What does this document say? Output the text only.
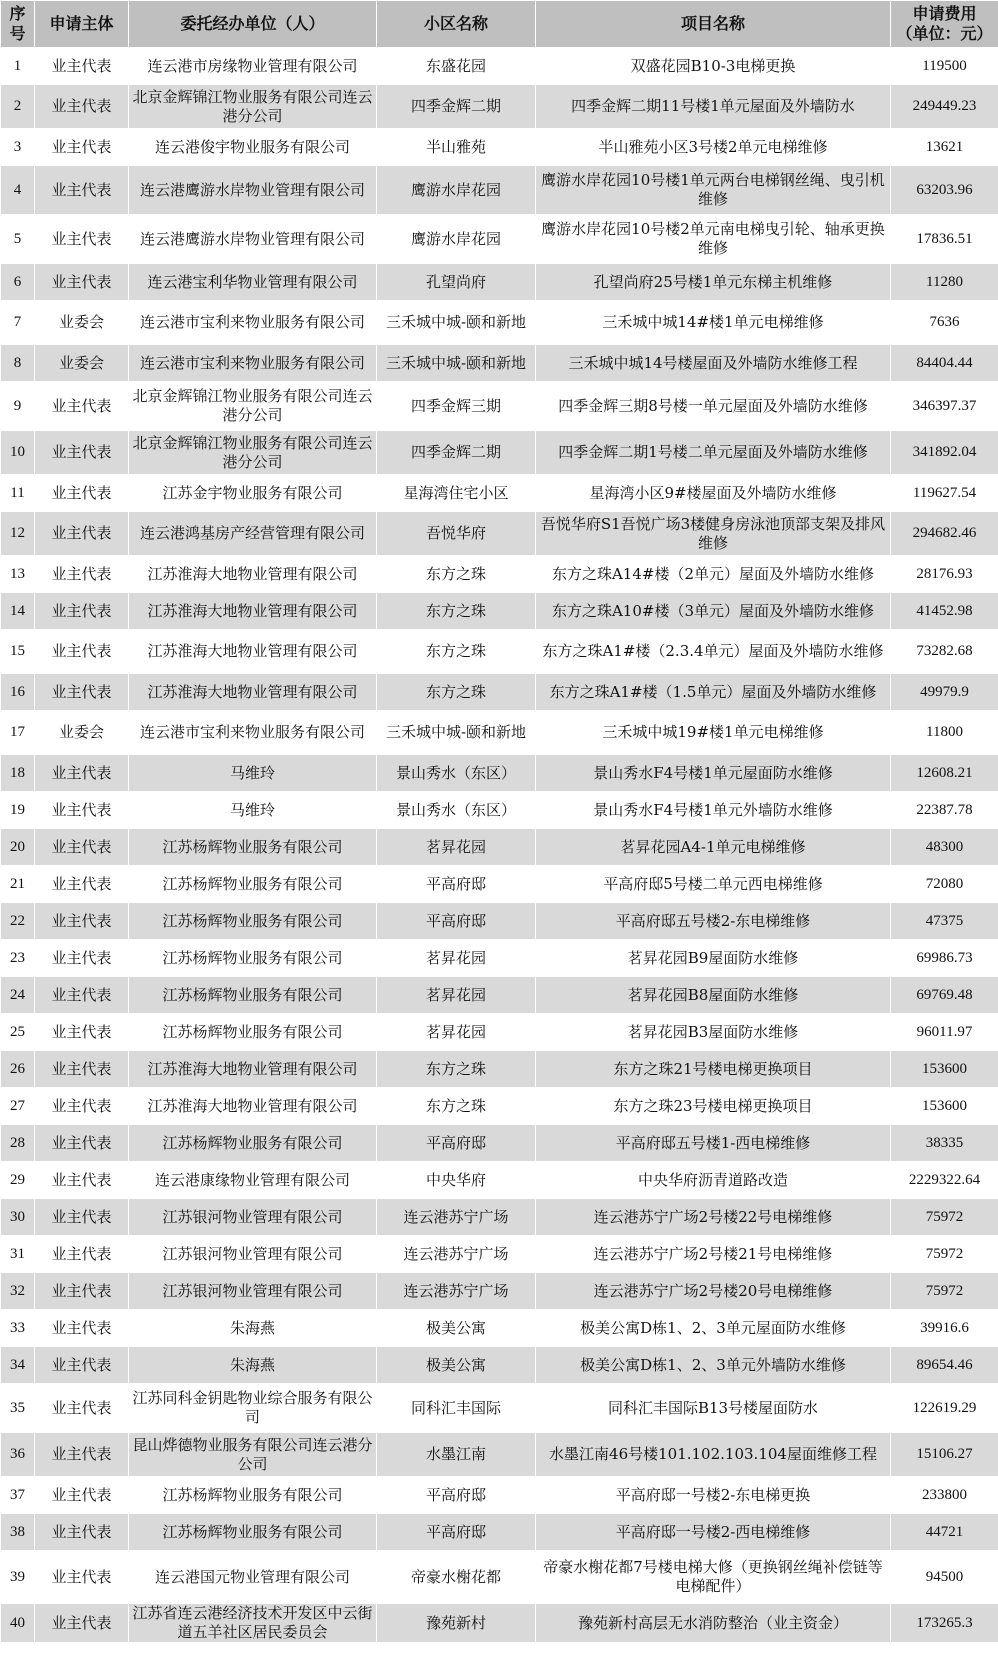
序号	申请主体	委托经办单位（人）	小区名称	项目名称	申请费用
（单位：元）
1	业主代表	连云港市房缘物业管理有限公司	东盛花园	双盛花园B10-3电梯更换	119500
2	业主代表	北京金辉锦江物业服务有限公司连云港分公司	四季金辉二期	四季金辉二期11号楼1单元屋面及外墙防水	249449.23
3	业主代表	连云港俊宇物业服务有限公司	半山雅苑	半山雅苑小区3号楼2单元电梯维修	13621
4	业主代表	连云港鹰游水岸物业管理有限公司	鹰游水岸花园	鹰游水岸花园10号楼1单元两台电梯钢丝绳、曳引机维修	63203.96
5	业主代表	连云港鹰游水岸物业管理有限公司	鹰游水岸花园	鹰游水岸花园10号楼2单元南电梯曳引轮、轴承更换维修	17836.51
6	业主代表	连云港宝利华物业管理有限公司	孔望尚府	孔望尚府25号楼1单元东梯主机维修	11280
7	业委会	连云港市宝利来物业服务有限公司	三禾城中城-颐和新地	三禾城中城14#楼1单元电梯维修	7636
8	业委会	连云港市宝利来物业服务有限公司	三禾城中城-颐和新地	三禾城中城14号楼屋面及外墙防水维修工程	84404.44
9	业主代表	北京金辉锦江物业服务有限公司连云港分公司	四季金辉三期	四季金辉三期8号楼一单元屋面及外墙防水维修	346397.37
10	业主代表	北京金辉锦江物业服务有限公司连云港分公司	四季金辉二期	四季金辉二期1号楼二单元屋面及外墙防水维修	341892.04
11	业主代表	江苏金宇物业服务有限公司	星海湾住宅小区	星海湾小区9#楼屋面及外墙防水维修	119627.54
12	业主代表	连云港鸿基房产经营管理有限公司	吾悦华府	吾悦华府S1吾悦广场3楼健身房泳池顶部支架及排风维修	294682.46
13	业主代表	江苏淮海大地物业管理有限公司	东方之珠	东方之珠A14#楼（2单元）屋面及外墙防水维修	28176.93
14	业主代表	江苏淮海大地物业管理有限公司	东方之珠	东方之珠A10#楼（3单元）屋面及外墙防水维修	41452.98
15	业主代表	江苏淮海大地物业管理有限公司	东方之珠	东方之珠A1#楼（2.3.4单元）屋面及外墙防水维修	73282.68
16	业主代表	江苏淮海大地物业管理有限公司	东方之珠	东方之珠A1#楼（1.5单元）屋面及外墙防水维修	49979.9
17	业委会	连云港市宝利来物业服务有限公司	三禾城中城-颐和新地	三禾城中城19#楼1单元电梯维修	11800
18	业主代表	马维玲	景山秀水（东区）	景山秀水F4号楼1单元屋面防水维修	12608.21
19	业主代表	马维玲	景山秀水（东区）	景山秀水F4号楼1单元外墙防水维修	22387.78
20	业主代表	江苏杨辉物业服务有限公司	茗昇花园	茗昇花园A4-1单元电梯维修	48300
21	业主代表	江苏杨辉物业服务有限公司	平高府邸	平高府邸5号楼二单元西电梯维修	72080
22	业主代表	江苏杨辉物业服务有限公司	平高府邸	平高府邸五号楼2-东电梯维修	47375
23	业主代表	江苏杨辉物业服务有限公司	茗昇花园	茗昇花园B9屋面防水维修	69986.73
24	业主代表	江苏杨辉物业服务有限公司	茗昇花园	茗昇花园B8屋面防水维修	69769.48
25	业主代表	江苏杨辉物业服务有限公司	茗昇花园	茗昇花园B3屋面防水维修	96011.97
26	业主代表	江苏淮海大地物业管理有限公司	东方之珠	东方之珠21号楼电梯更换项目	153600
27	业主代表	江苏淮海大地物业管理有限公司	东方之珠	东方之珠23号楼电梯更换项目	153600
28	业主代表	江苏杨辉物业服务有限公司	平高府邸	平高府邸五号楼1-西电梯维修	38335
29	业主代表	连云港康缘物业管理有限公司	中央华府	中央华府沥青道路改造	2229322.64
30	业主代表	江苏银河物业管理有限公司	连云港苏宁广场	连云港苏宁广场2号楼22号电梯维修	75972
31	业主代表	江苏银河物业管理有限公司	连云港苏宁广场	连云港苏宁广场2号楼21号电梯维修	75972
32	业主代表	江苏银河物业管理有限公司	连云港苏宁广场	连云港苏宁广场2号楼20号电梯维修	75972
33	业主代表	朱海燕	极美公寓	极美公寓D栋1、2、3单元屋面防水维修	39916.6
34	业主代表	朱海燕	极美公寓	极美公寓D栋1、2、3单元外墙防水维修	89654.46
35	业主代表	江苏同科金钥匙物业综合服务有限公司	同科汇丰国际	同科汇丰国际B13号楼屋面防水	122619.29
36	业主代表	昆山烨德物业服务有限公司连云港分公司	水墨江南	水墨江南46号楼101.102.103.104屋面维修工程	15106.27
37	业主代表	江苏杨辉物业服务有限公司	平高府邸	平高府邸一号楼2-东电梯更换	233800
38	业主代表	江苏杨辉物业服务有限公司	平高府邸	平高府邸一号楼2-西电梯维修	44721
39	业主代表	连云港国元物业管理有限公司	帝豪水榭花都	帝豪水榭花都7号楼电梯大修（更换钢丝绳补偿链等电梯配件）	94500
40	业主代表	江苏省连云港经济技术开发区中云街道五羊社区居民委员会	豫苑新村	豫苑新村高层无水消防整治（业主资金）	173265.3
